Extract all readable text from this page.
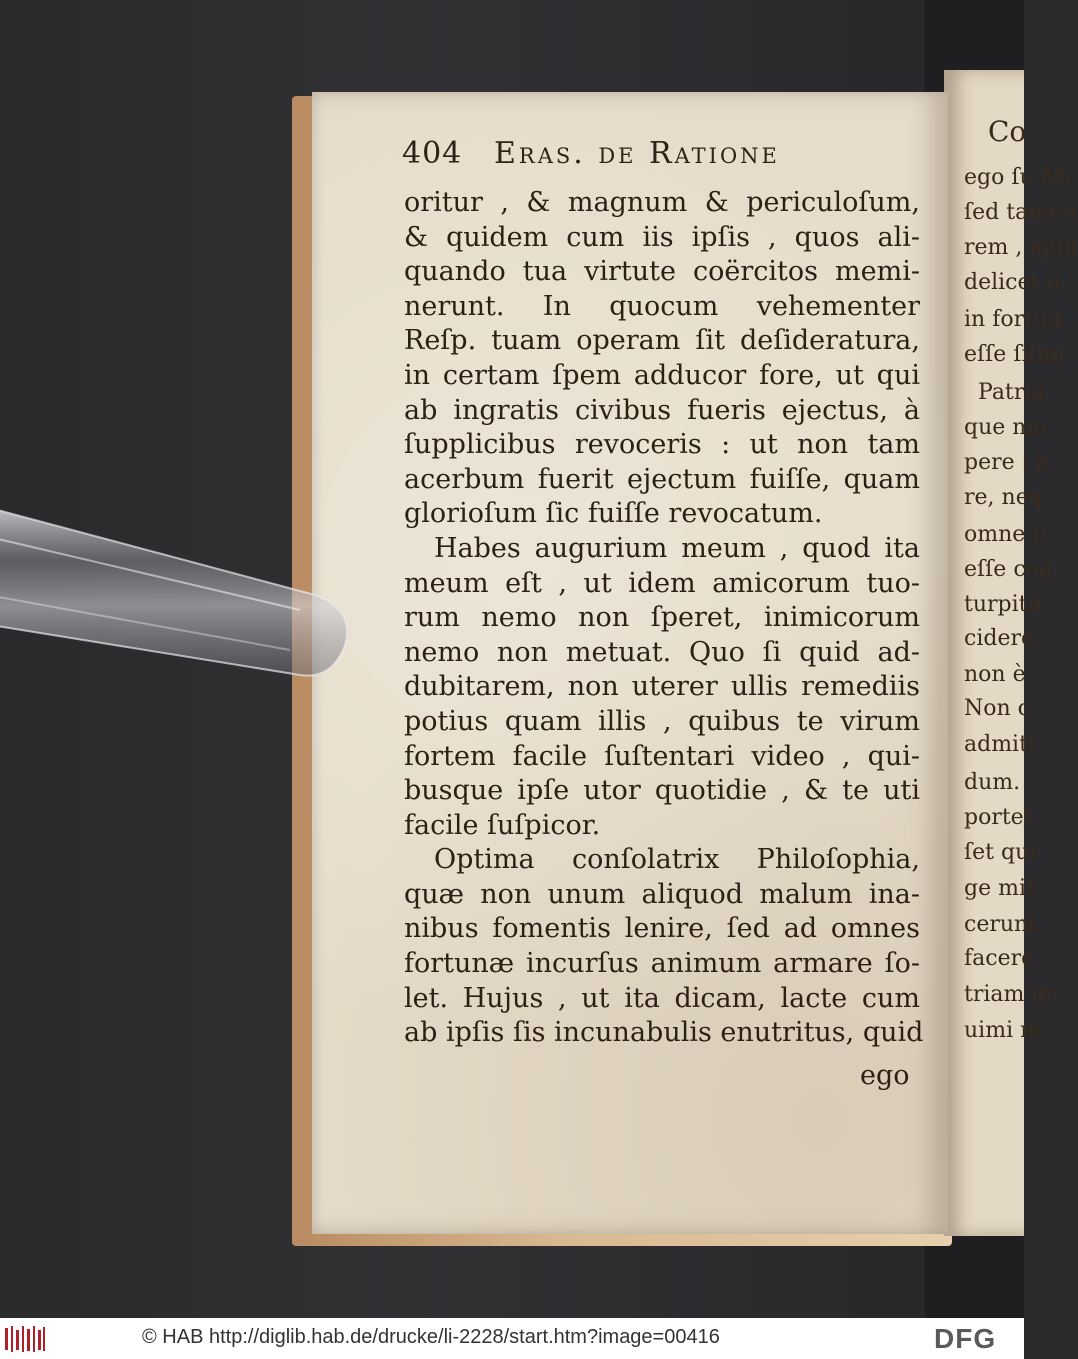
Co
ego ſu Mi
ſed tamen
rem , ajun
delicet u
in fortun
eſſe ſitan
Patria
que mu
pere : a
re, neq
omne p
eſſe cog
turpitu
cidere.
non è
Non c
admitt
dum.
portet.
ſet qui
ge miſ
cerunt
facere
triam in
uimi m
404 Eras. de Ratione
oritur , & magnum & periculoſum,
& quidem cum iis ipſis , quos ali-
quando tua virtute coërcitos memi-
nerunt. In quocum vehementer
Reſp. tuam operam ſit deſideratura,
in certam ſpem adducor fore, ut qui
ab ingratis civibus fueris ejectus, à
ſupplicibus revoceris : ut non tam
acerbum fuerit ejectum fuiſſe, quam
glorioſum ſic fuiſſe revocatum.
Habes augurium meum , quod ita
meum eſt , ut idem amicorum tuo-
rum nemo non ſperet, inimicorum
nemo non metuat. Quo ſi quid ad-
dubitarem, non uterer ullis remediis
potius quam illis , quibus te virum
fortem facile ſuſtentari video , qui-
busque ipſe utor quotidie , & te uti
facile ſuſpicor.
Optima conſolatrix Philoſophia,
quæ non unum aliquod malum ina-
nibus fomentis lenire, ſed ad omnes
fortunæ incurſus animum armare ſo-
let. Hujus , ut ita dicam, lacte cum
ab ipſis ſis incunabulis enutritus, quid
ego
© HAB http://diglib.hab.de/drucke/li-2228/start.htm?image=00416	DFG
